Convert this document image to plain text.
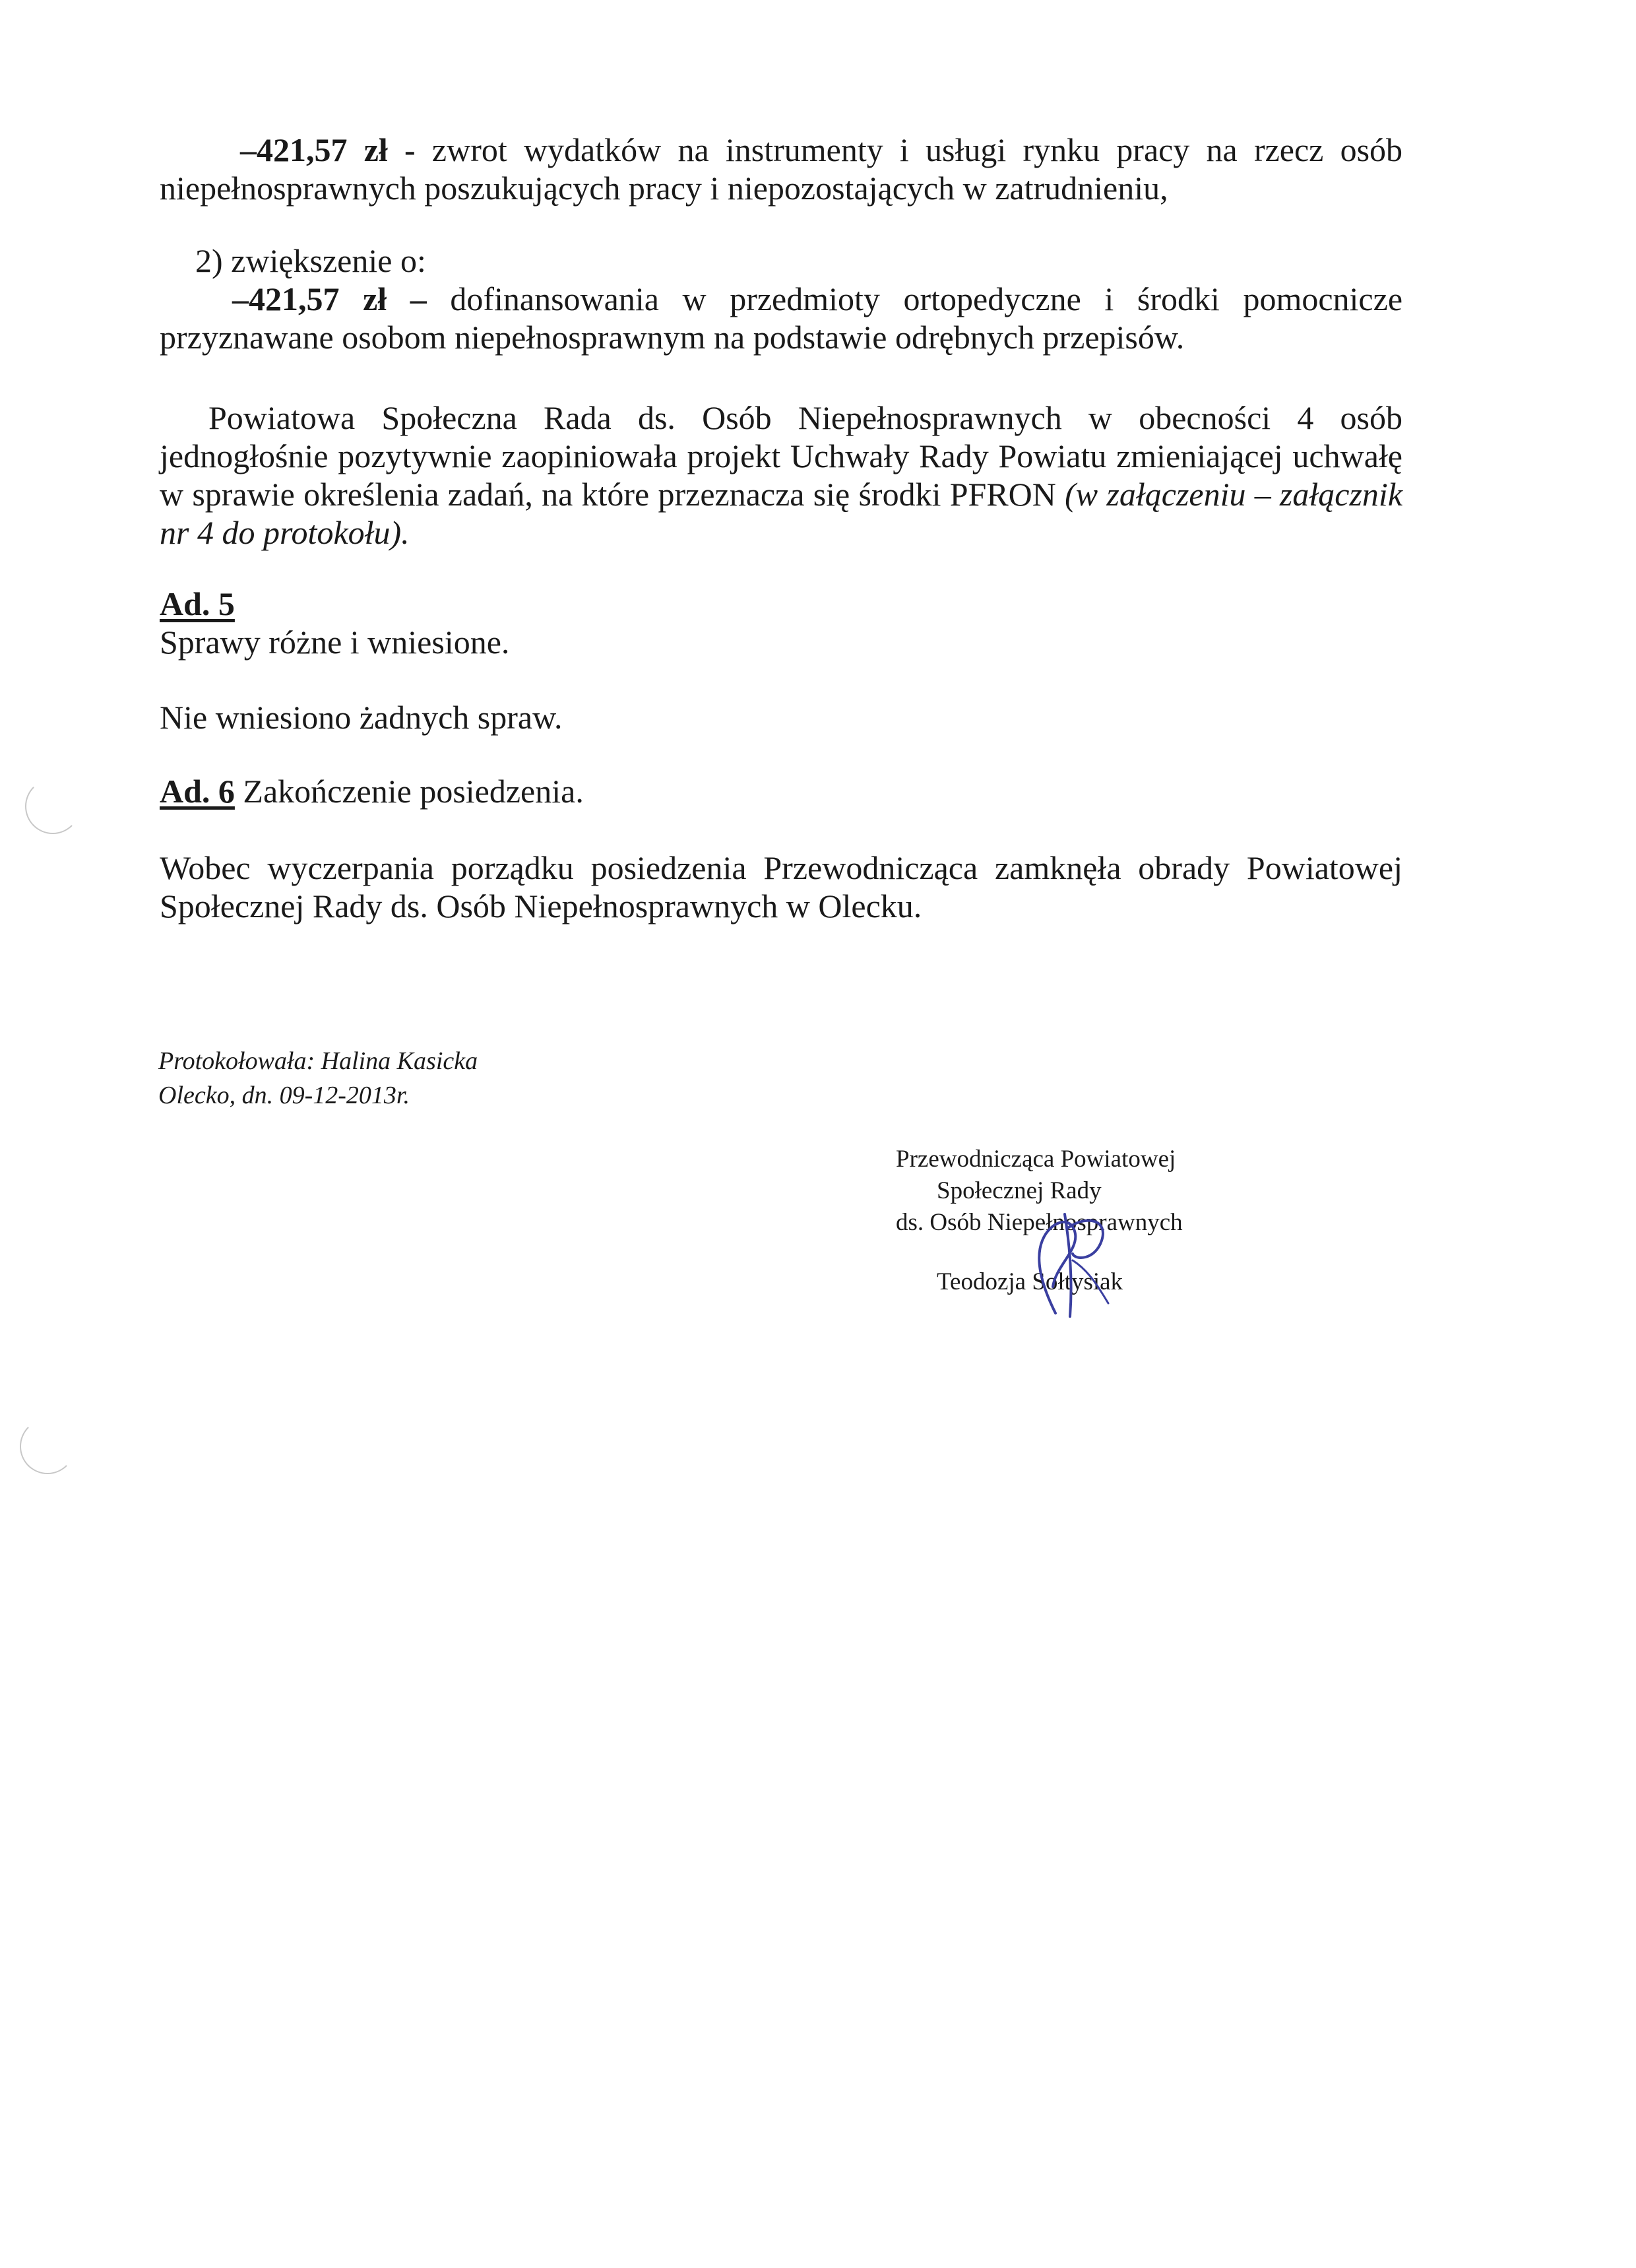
–421,57 zł - zwrot wydatków na instrumenty i usługi rynku pracy na rzecz osób
niepełnosprawnych poszukujących pracy i niepozostających w zatrudnieniu,
2) zwiększenie o:
–421,57 zł – dofinansowania w przedmioty ortopedyczne i środki pomocnicze
przyznawane osobom niepełnosprawnym na podstawie odrębnych przepisów.
Powiatowa Społeczna Rada ds. Osób Niepełnosprawnych w obecności 4 osób
jednogłośnie pozytywnie zaopiniowała projekt Uchwały Rady Powiatu zmieniającej uchwałę
w sprawie określenia zadań, na które przeznacza się środki PFRON (w załączeniu – załącznik
nr 4 do protokołu).
Ad. 5
Sprawy różne i wniesione.
Nie wniesiono żadnych spraw.
Ad. 6 Zakończenie posiedzenia.
Wobec wyczerpania porządku posiedzenia Przewodnicząca zamknęła obrady Powiatowej
Społecznej Rady ds. Osób Niepełnosprawnych w Olecku.
Protokołowała: Halina Kasicka
Olecko, dn. 09-12-2013r.
Przewodnicząca Powiatowej
Społecznej Rady
ds. Osób Niepełnosprawnych
Teodozja Sołtysiak
